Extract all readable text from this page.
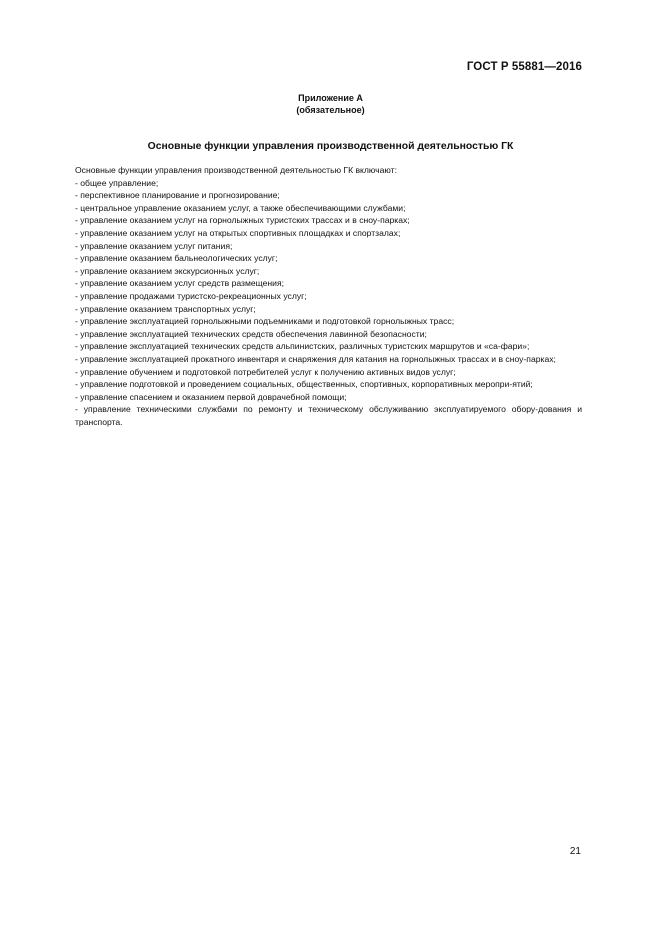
ГОСТ Р 55881—2016
Приложение А
(обязательное)
Основные функции управления производственной деятельностью ГК
Основные функции управления производственной деятельностью ГК включают:
- общее управление;
- перспективное планирование и прогнозирование;
- центральное управление оказанием услуг, а также обеспечивающими службами;
- управление оказанием услуг на горнолыжных туристских трассах и в сноу-парках;
- управление оказанием услуг на открытых спортивных площадках и спортзалах;
- управление оказанием услуг питания;
- управление оказанием бальнеологических услуг;
- управление оказанием экскурсионных услуг;
- управление оказанием услуг средств размещения;
- управление продажами туристско-рекреационных услуг;
- управление оказанием транспортных услуг;
- управление эксплуатацией горнолыжными подъемниками и подготовкой горнолыжных трасс;
- управление эксплуатацией технических средств обеспечения лавинной безопасности;
- управление эксплуатацией технических средств альпинистских, различных туристских маршрутов и «са-фари»;
- управление эксплуатацией прокатного инвентаря и снаряжения для катания на горнолыжных трассах и в сноу-парках;
- управление обучением и подготовкой потребителей услуг к получению активных видов услуг;
- управление подготовкой и проведением социальных, общественных, спортивных, корпоративных меропри-ятий;
- управление спасением и оказанием первой доврачебной помощи;
- управление техническими службами по ремонту и техническому обслуживанию эксплуатируемого обору-дования и транспорта.
21
